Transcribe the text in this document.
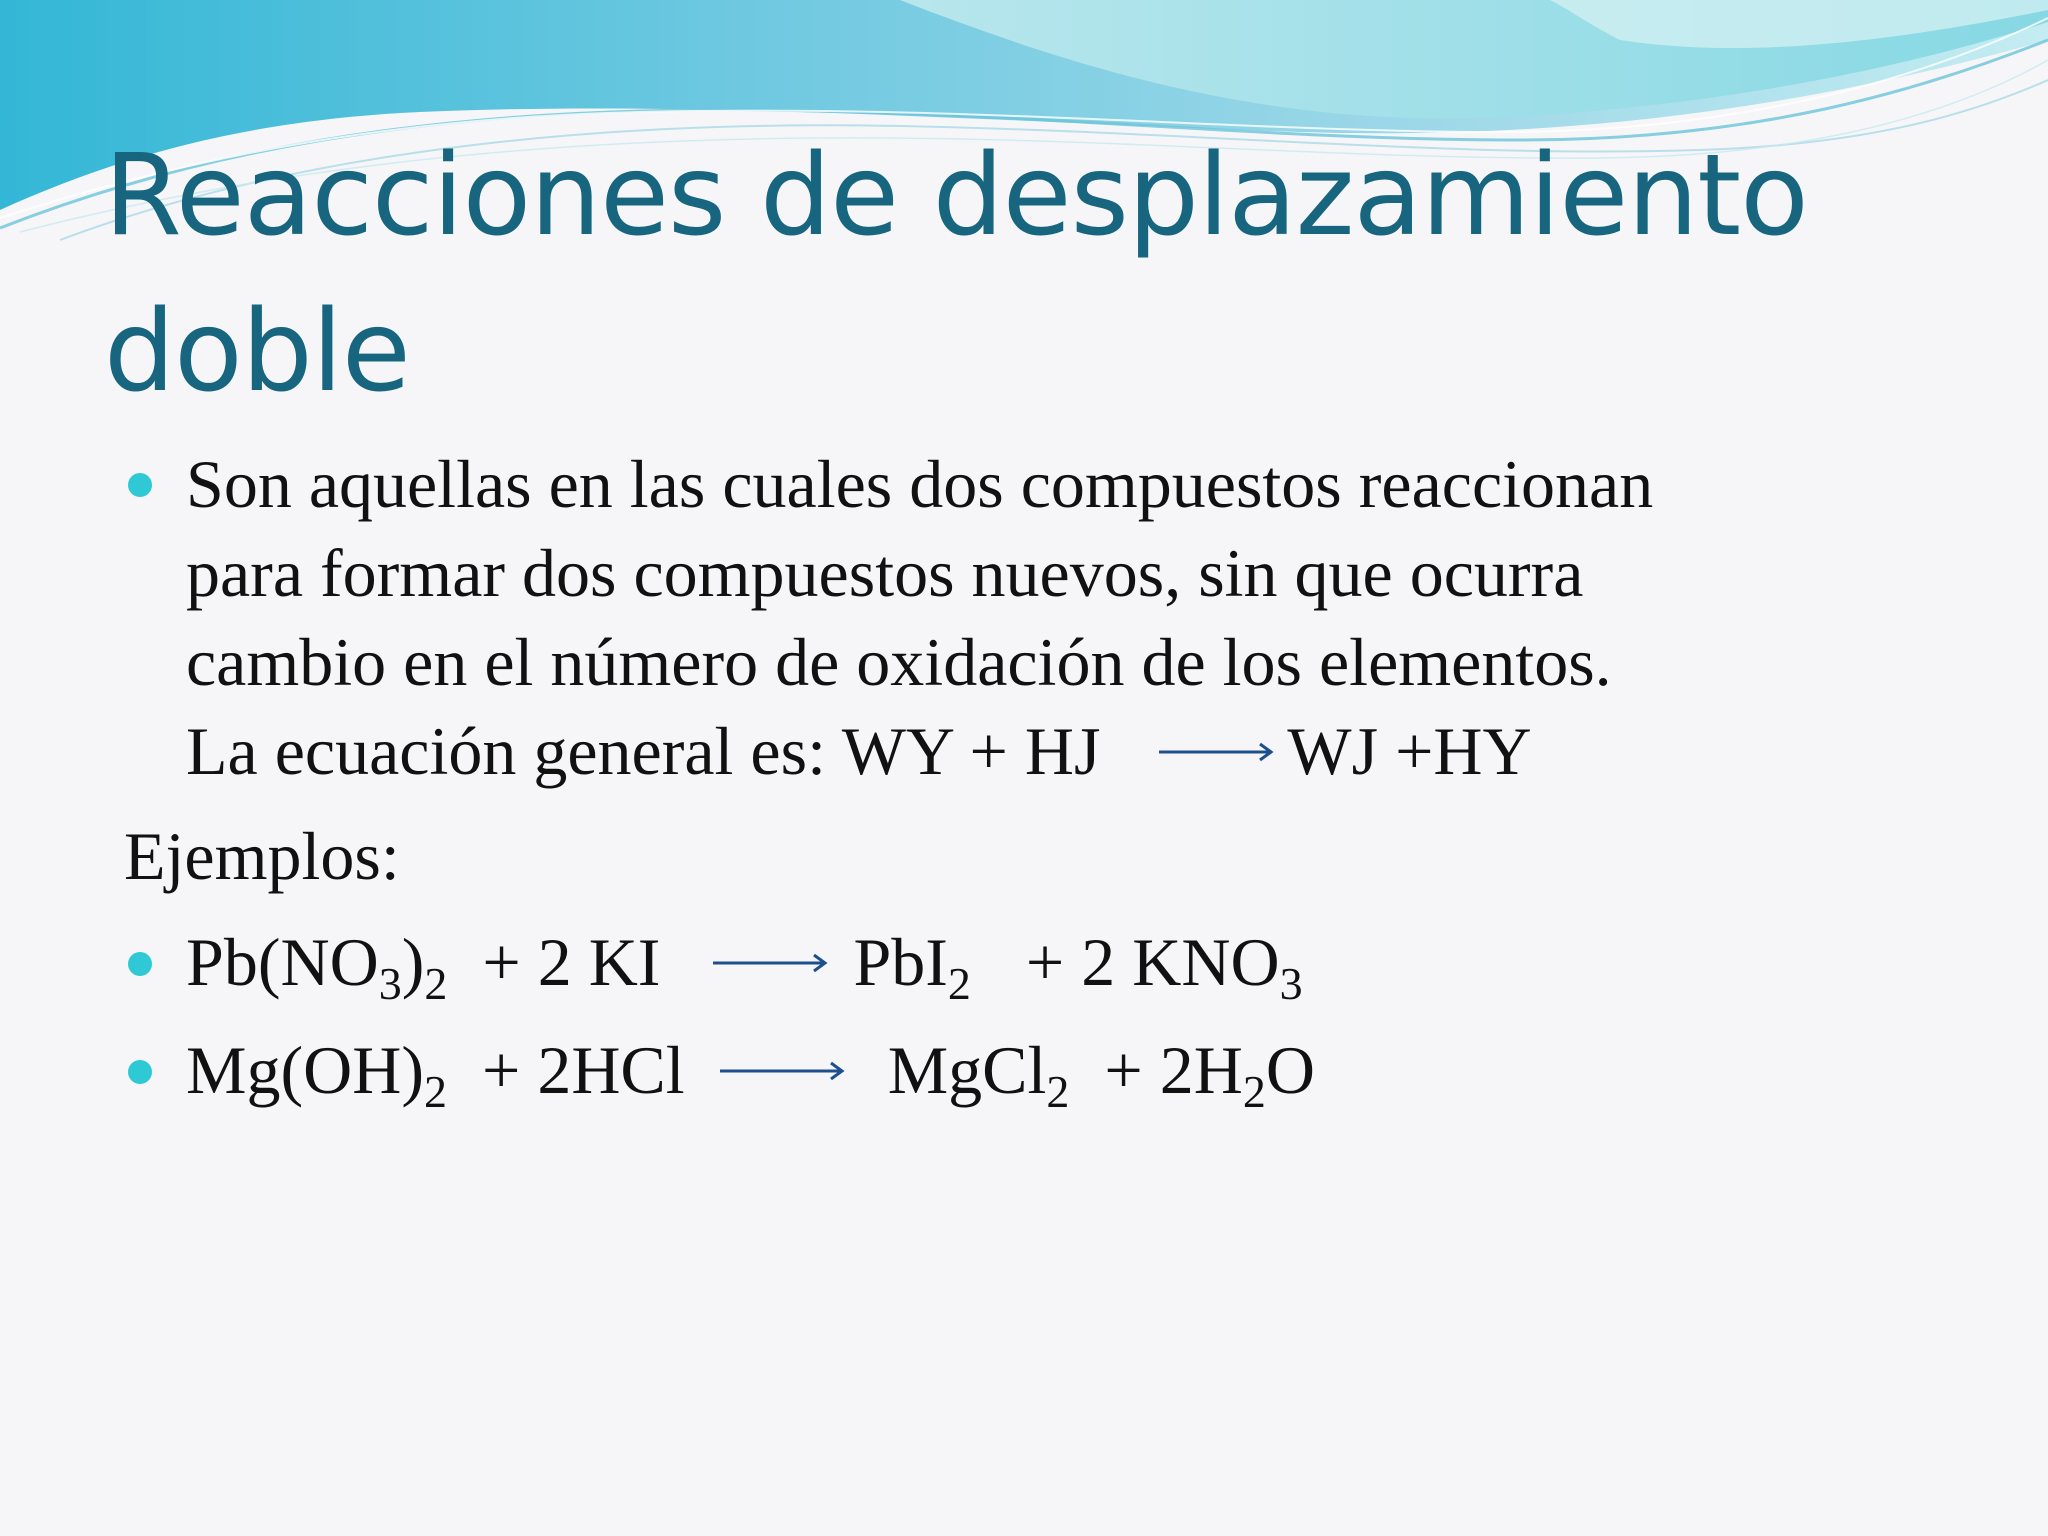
Reacciones de desplazamiento doble
Son aquellas en las cuales dos compuestos reaccionan
para formar dos compuestos nuevos, sin que ocurra
cambio en el número de oxidación de los elementos.
La ecuación general es: WY + HJ → WJ +HY
Ejemplos:
$Pb(NO_3)_2 + 2$ KI → PbI$_2$ + 2 $KNO_3$
$Mg(OH)_2 + 2HCl$ → MgCl$_2$ + $2H_2O$
